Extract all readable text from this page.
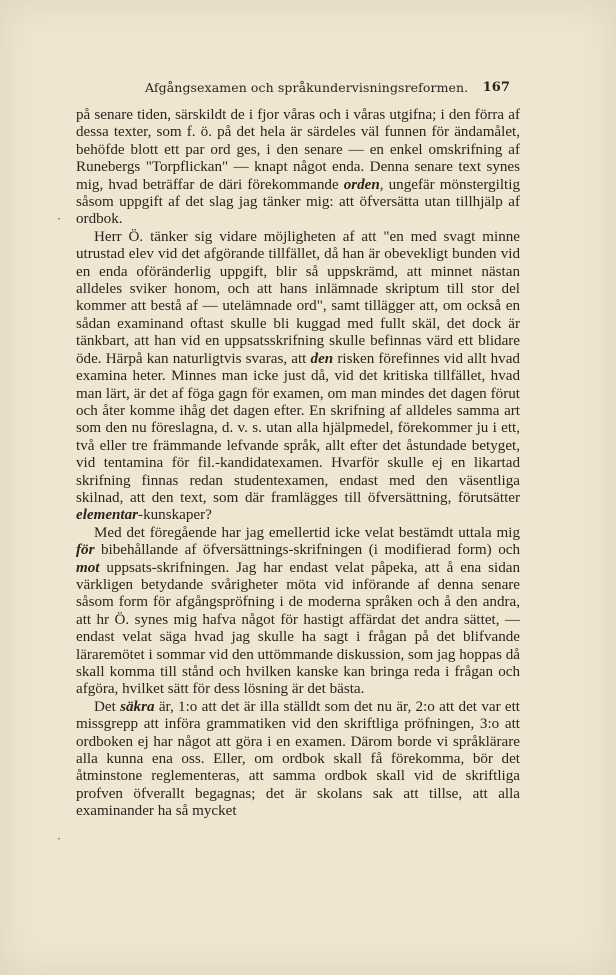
Afgångsexamen och språkundervisningsreformen. 167
·
·

på senare tiden, särskildt de i fjor våras och i våras utgifna; i den förra af dessa texter, som f. ö. på det hela är särdeles väl funnen för ändamålet, behöfde blott ett par ord ges, i den senare — en enkel omskrifning af Runebergs "Torpflickan" — knapt något enda. Denna senare text synes mig, hvad beträffar de däri förekommande orden, ungefär mönstergiltig såsom uppgift af det slag jag tänker mig: att öfversätta utan tillhjälp af ordbok.

Herr Ö. tänker sig vidare möjligheten af att "en med svagt minne utrustad elev vid det afgörande tillfället, då han är obevekligt bunden vid en enda oföränderlig uppgift, blir så uppskrämd, att minnet nästan alldeles sviker honom, och att hans inlämnade skriptum till stor del kommer att bestå af — utelämnade ord", samt tillägger att, om också en sådan examinand oftast skulle bli kuggad med fullt skäl, det dock är tänkbart, att han vid en uppsatsskrifning skulle befinnas värd ett blidare öde. Härpå kan naturligtvis svaras, att den risken förefinnes vid allt hvad examina heter. Minnes man icke just då, vid det kritiska tillfället, hvad man lärt, är det af föga gagn för examen, om man mindes det dagen förut och åter komme ihåg det dagen efter. En skrifning af alldeles samma art som den nu föreslagna, d. v. s. utan alla hjälpmedel, förekommer ju i ett, två eller tre främmande lefvande språk, allt efter det åstundade betyget, vid tentamina för fil.-kandidatexamen. Hvarför skulle ej en likartad skrifning finnas redan studentexamen, endast med den väsentliga skilnad, att den text, som där framlägges till öfversättning, förutsätter elementar-kunskaper?

Med det föregående har jag emellertid icke velat bestämdt uttala mig för bibehållande af öfversättnings-skrifningen (i modifierad form) och mot uppsats-skrifningen. Jag har endast velat påpeka, att å ena sidan värkligen betydande svårigheter möta vid införande af denna senare såsom form för afgångspröfning i de moderna språken och å den andra, att hr Ö. synes mig hafva något för hastigt affärdat det andra sättet, — endast velat säga hvad jag skulle ha sagt i frågan på det blifvande läraremötet i sommar vid den uttömmande diskussion, som jag hoppas då skall komma till stånd och hvilken kanske kan bringa reda i frågan och afgöra, hvilket sätt för dess lösning är det bästa.

Det säkra är, 1:o att det är illa ställdt som det nu är, 2:o att det var ett missgrepp att införa grammatiken vid den skriftliga pröfningen, 3:o att ordboken ej har något att göra i en examen. Därom borde vi språklärare alla kunna ena oss. Eller, om ordbok skall få förekomma, bör det åtminstone reglementeras, att samma ordbok skall vid de skriftliga profven öfverallt begagnas; det är skolans sak att tillse, att alla examinander ha så mycket
